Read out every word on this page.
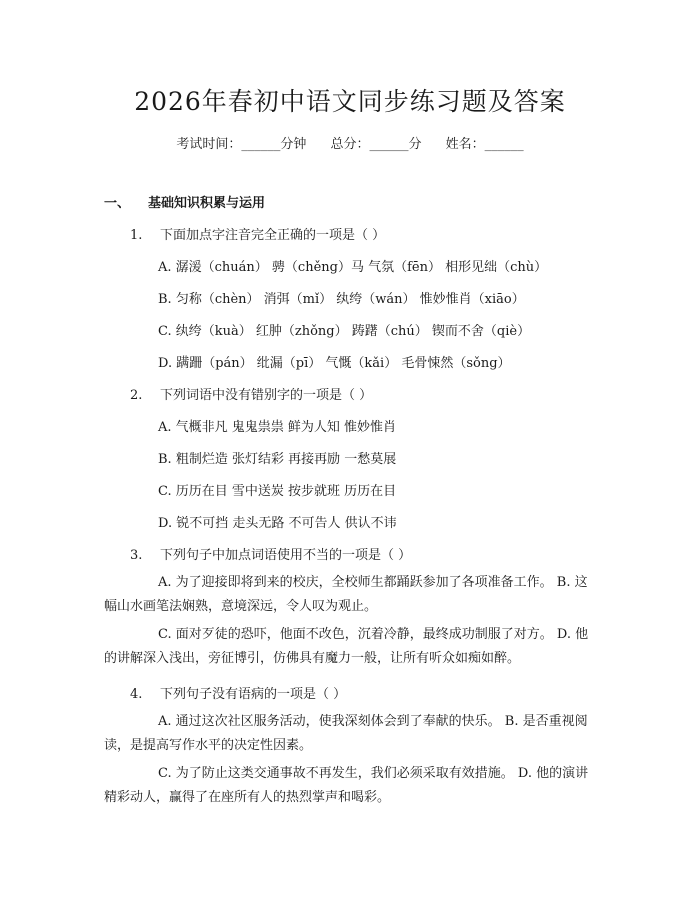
2026年春初中语文同步练习题及答案
考试时间：______分钟 总分：______分 姓名：______
一、 基础知识积累与运用
1. 下面加点字注音完全正确的一项是（ ）
A. 潺湲（chuán） 骋（chěng）马 气氛（fēn） 相形见绌（chù）
B. 匀称（chèn） 消弭（mǐ） 纨绔（wán） 惟妙惟肖（xiāo）
C. 纨绔（kuà） 红肿（zhǒng） 踌躇（chú） 锲而不舍（qiè）
D. 蹒跚（pán） 纰漏（pī） 气慨（kǎi） 毛骨悚然（sǒng）
2. 下列词语中没有错别字的一项是（ ）
A. 气概非凡 鬼鬼祟祟 鲜为人知 惟妙惟肖
B. 粗制烂造 张灯结彩 再接再励 一愁莫展
C. 历历在目 雪中送炭 按步就班 历历在目
D. 锐不可挡 走头无路 不可告人 供认不讳
3. 下列句子中加点词语使用不当的一项是（ ）
A. 为了迎接即将到来的校庆，全校师生都踊跃参加了各项准备工作。 B. 这幅山水画笔法娴熟，意境深远，令人叹为观止。
C. 面对歹徒的恐吓，他面不改色，沉着冷静，最终成功制服了对方。 D. 他的讲解深入浅出，旁征博引，仿佛具有魔力一般，让所有听众如痴如醉。
4. 下列句子没有语病的一项是（ ）
A. 通过这次社区服务活动，使我深刻体会到了奉献的快乐。 B. 是否重视阅读，是提高写作水平的决定性因素。
C. 为了防止这类交通事故不再发生，我们必须采取有效措施。 D. 他的演讲精彩动人，赢得了在座所有人的热烈掌声和喝彩。
